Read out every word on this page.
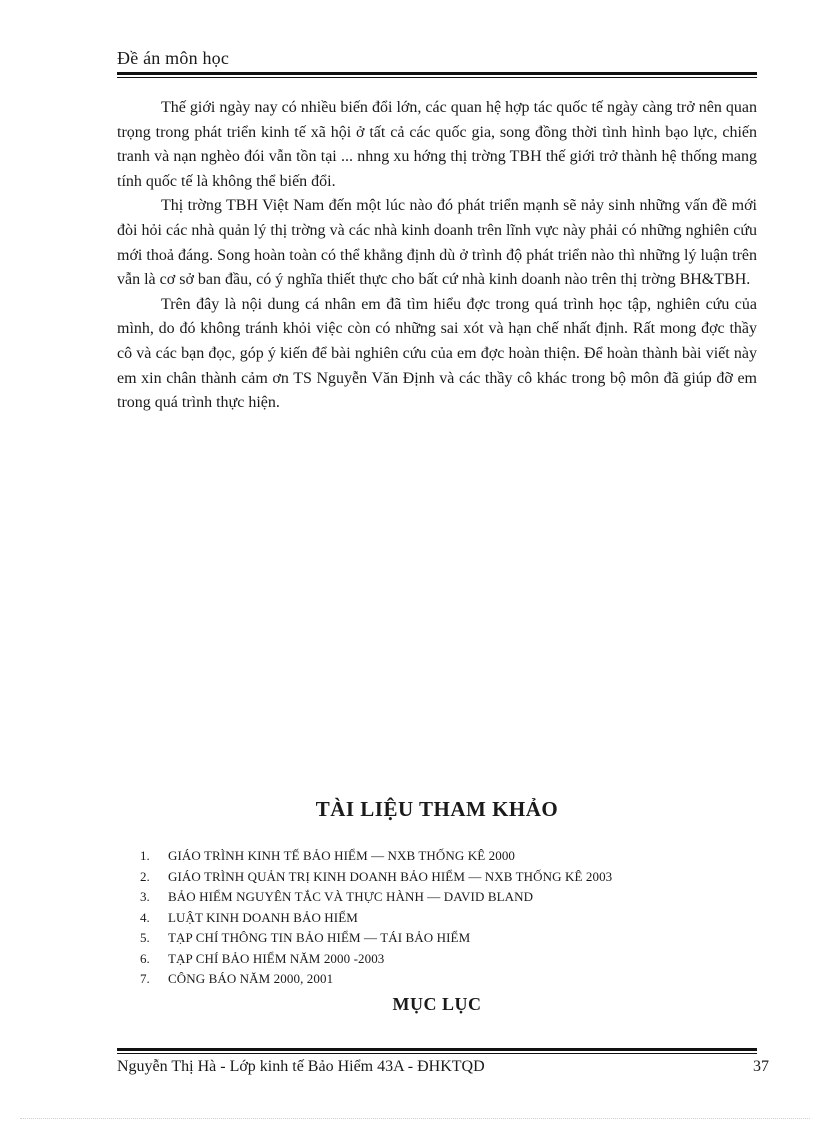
Đề án môn học

Thế giới ngày nay có nhiều biến đổi lớn, các quan hệ hợp tác quốc tế ngày càng trở nên quan trọng trong phát triển kinh tế xã hội ở tất cả các quốc gia, song đồng thời tình hình bạo lực, chiến tranh và nạn nghèo đói vẫn tồn tại ... nhng xu hớng thị trờng TBH thế giới trở thành hệ thống mang tính quốc tế là không thể biến đổi.

Thị trờng TBH Việt Nam đến một lúc nào đó phát triển mạnh sẽ nảy sinh những vấn đề mới đòi hỏi các nhà quản lý thị trờng và các nhà kinh doanh trên lĩnh vực này phải có những nghiên cứu mới thoả đáng. Song hoàn toàn có thể khẳng định dù ở trình độ phát triển nào thì những lý luận trên vẫn là cơ sở ban đầu, có ý nghĩa thiết thực cho bất cứ nhà kinh doanh nào trên thị trờng BH&TBH.

Trên đây là nội dung cá nhân em đã tìm hiểu đợc trong quá trình học tập, nghiên cứu của mình, do đó không tránh khỏi việc còn có những sai xót và hạn chế nhất định. Rất mong đợc thầy cô và các bạn đọc, góp ý kiến để bài nghiên cứu của em đợc hoàn thiện. Để hoàn thành bài viết này em xin chân thành cảm ơn TS Nguyễn Văn Định và các thầy cô khác trong bộ môn đã giúp đỡ em trong quá trình thực hiện.

TÀI LIỆU THAM KHẢO
1.	GIÁO TRÌNH KINH TẾ BẢO HIỂM — NXB THỐNG KÊ 2000
2.	GIÁO TRÌNH QUẢN TRỊ KINH DOANH BẢO HIỂM — NXB THỐNG KÊ 2003
3.	BẢO HIỂM NGUYÊN TẮC VÀ THỰC HÀNH — DAVID BLAND
4.	LUẬT KINH DOANH BẢO HIỂM
5.	TẠP CHÍ THÔNG TIN BẢO HIỂM — TÁI BẢO HIỂM
6.	TẠP CHÍ BẢO HIỂM NĂM 2000 -2003
7.	CÔNG BÁO NĂM 2000, 2001
MỤC LỤC
Nguyễn Thị Hà - Lớp kinh tế Bảo Hiểm 43A - ĐHKTQD	37
